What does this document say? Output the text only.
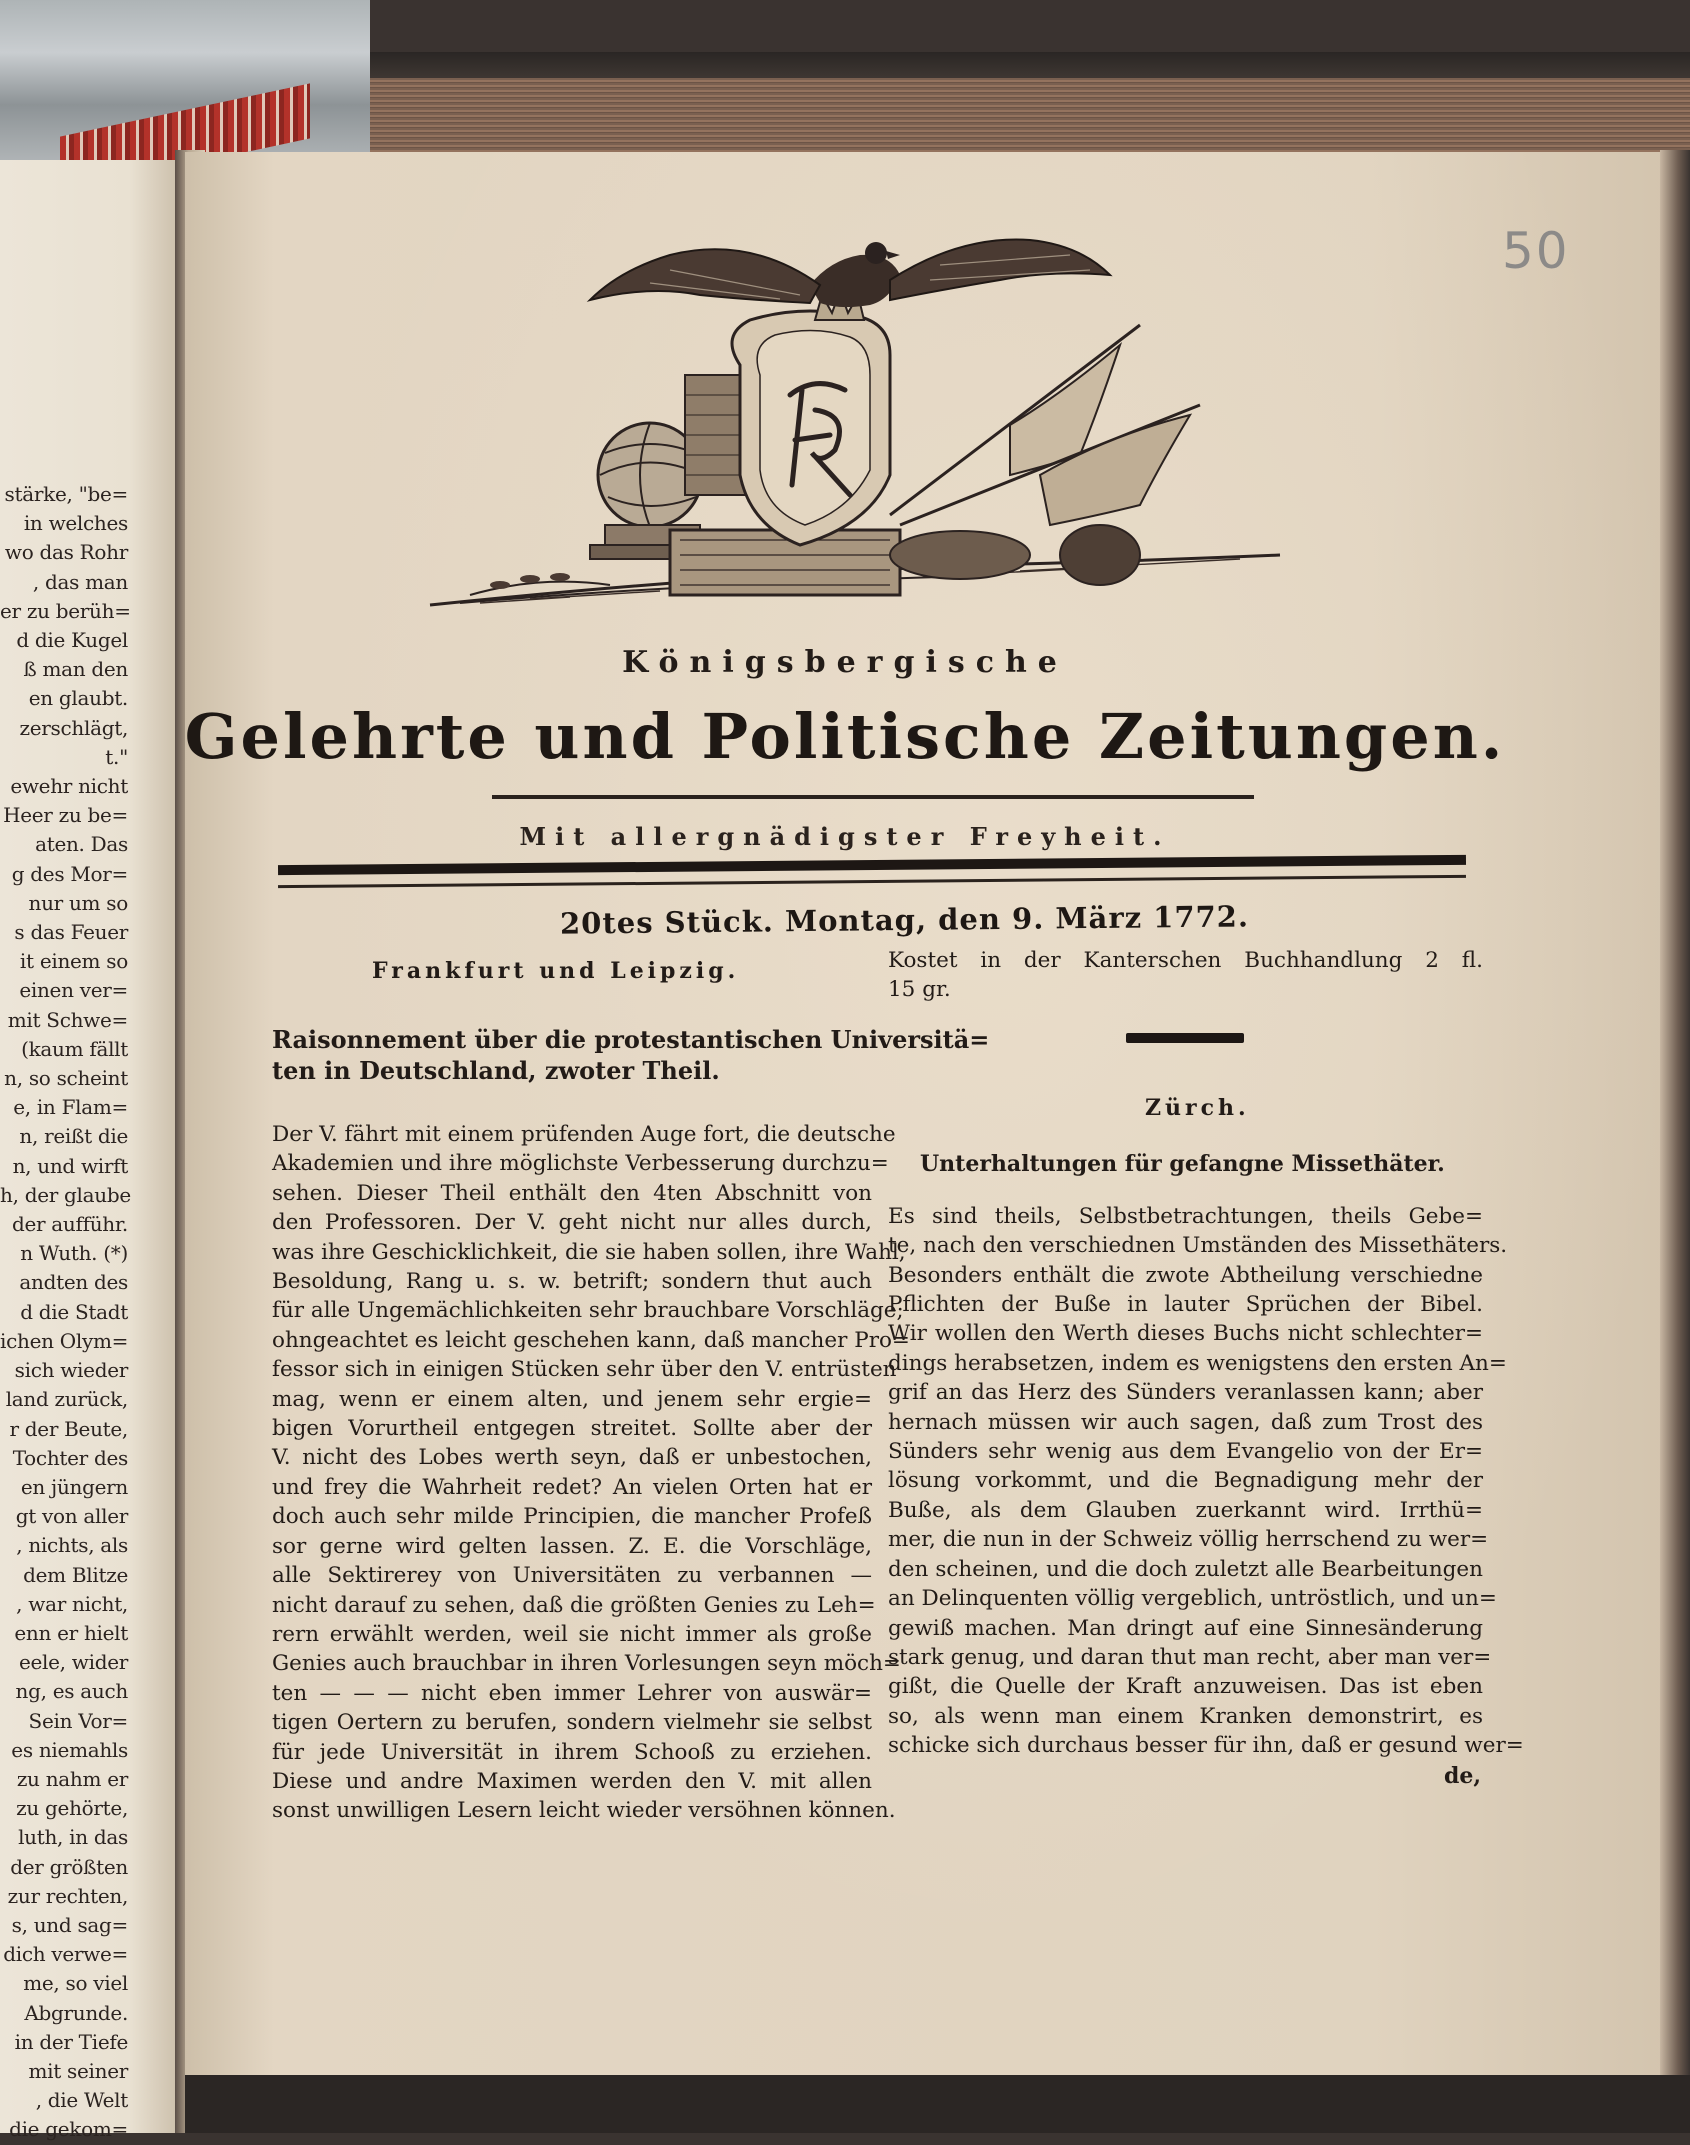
stärke, "be=
in welches
wo das Rohr
, das man
er zu berüh=
d die Kugel
ß man den
en glaubt.
zerschlägt,
t."
ewehr nicht
Heer zu be=
aten. Das
g des Mor=
nur um so
s das Feuer
it einem so
einen ver=
mit Schwe=
(kaum fällt
n, so scheint
e, in Flam=
n, reißt die
n, und wirft
h, der glaube
der aufführ.
n Wuth. (*)
andten des
d die Stadt
ichen Olym=
sich wieder
land zurück,
r der Beute,
Tochter des
en jüngern
gt von aller
, nichts, als
dem Blitze
, war nicht,
enn er hielt
eele, wider
ng, es auch
Sein Vor=
es niemahls
zu nahm er
zu gehörte,
luth, in das
der größten
zur rechten,
s, und sag=
dich verwe=
me, so viel
Abgrunde.
in der Tiefe
mit seiner
, die Welt
die gekom=
50
Königsbergische
Gelehrte und Politische Zeitungen.
Mit allergnädigster Freyheit.
20tes Stück. Montag, den 9. März 1772.
Frankfurt und Leipzig.
Raisonnement über die protestantischen Universitä=
ten in Deutschland, zwoter Theil.
Der V. fährt mit einem prüfenden Auge fort, die deutsche
Akademien und ihre möglichste Verbesserung durchzu=
sehen. Dieser Theil enthält den 4ten Abschnitt von
den Professoren. Der V. geht nicht nur alles durch,
was ihre Geschicklichkeit, die sie haben sollen, ihre Wahl,
Besoldung, Rang u. s. w. betrift; sondern thut auch
für alle Ungemächlichkeiten sehr brauchbare Vorschläge;
ohngeachtet es leicht geschehen kann, daß mancher Pro=
fessor sich in einigen Stücken sehr über den V. entrüsten
mag, wenn er einem alten, und jenem sehr ergie=
bigen Vorurtheil entgegen streitet. Sollte aber der
V. nicht des Lobes werth seyn, daß er unbestochen,
und frey die Wahrheit redet? An vielen Orten hat er
doch auch sehr milde Principien, die mancher Profeß
sor gerne wird gelten lassen. Z. E. die Vorschläge,
alle Sektirerey von Universitäten zu verbannen —
nicht darauf zu sehen, daß die größten Genies zu Leh=
rern erwählt werden, weil sie nicht immer als große
Genies auch brauchbar in ihren Vorlesungen seyn möch=
ten — — — nicht eben immer Lehrer von auswär=
tigen Oertern zu berufen, sondern vielmehr sie selbst
für jede Universität in ihrem Schooß zu erziehen.
Diese und andre Maximen werden den V. mit allen
sonst unwilligen Lesern leicht wieder versöhnen können.
Kostet in der Kanterschen Buchhandlung 2 fl.
15 gr.
Zürch.
Unterhaltungen für gefangne Missethäter.
Es sind theils, Selbstbetrachtungen, theils Gebe=
te, nach den verschiednen Umständen des Missethäters.
Besonders enthält die zwote Abtheilung verschiedne
Pflichten der Buße in lauter Sprüchen der Bibel.
Wir wollen den Werth dieses Buchs nicht schlechter=
dings herabsetzen, indem es wenigstens den ersten An=
grif an das Herz des Sünders veranlassen kann; aber
hernach müssen wir auch sagen, daß zum Trost des
Sünders sehr wenig aus dem Evangelio von der Er=
lösung vorkommt, und die Begnadigung mehr der
Buße, als dem Glauben zuerkannt wird. Irrthü=
mer, die nun in der Schweiz völlig herrschend zu wer=
den scheinen, und die doch zuletzt alle Bearbeitungen
an Delinquenten völlig vergeblich, untröstlich, und un=
gewiß machen. Man dringt auf eine Sinnesänderung
stark genug, und daran thut man recht, aber man ver=
gißt, die Quelle der Kraft anzuweisen. Das ist eben
so, als wenn man einem Kranken demonstrirt, es
schicke sich durchaus besser für ihn, daß er gesund wer=
de,
